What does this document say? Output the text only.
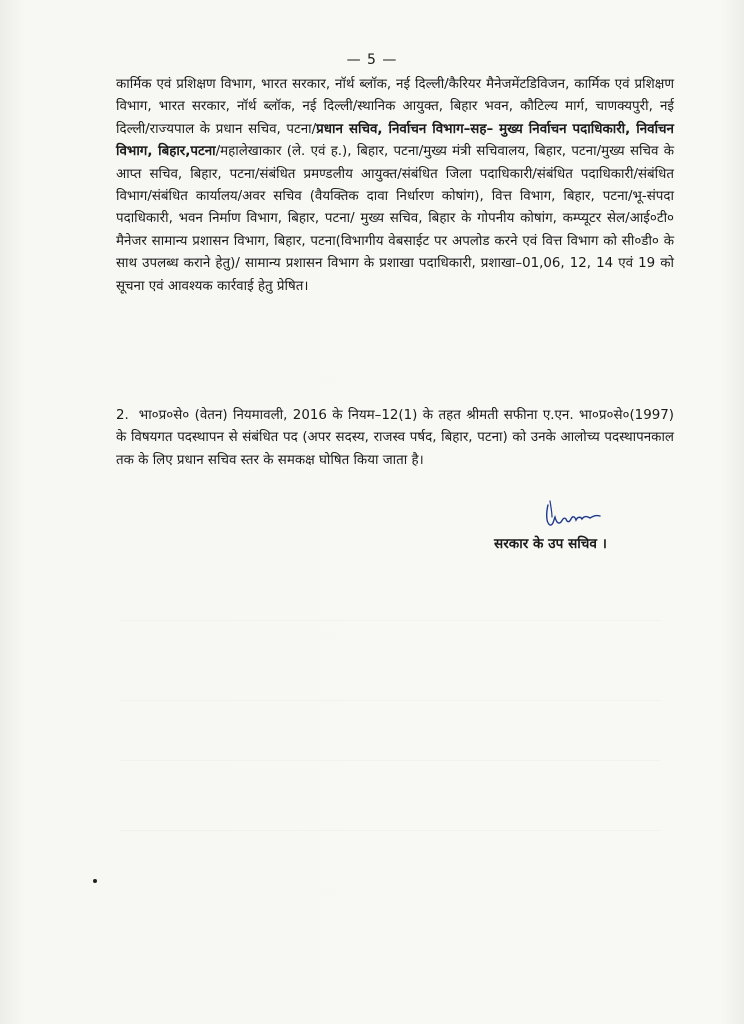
— 5 —
कार्मिक एवं प्रशिक्षण विभाग, भारत सरकार, नॉर्थ ब्लॉक, नई दिल्ली/कैरियर मैनेजमेंटडिविजन, कार्मिक एवं प्रशिक्षण विभाग, भारत सरकार, नॉर्थ ब्लॉक, नई दिल्ली/स्थानिक आयुक्त, बिहार भवन, कौटिल्य मार्ग, चाणक्यपुरी, नई दिल्ली/राज्यपाल के प्रधान सचिव, पटना/प्रधान सचिव, निर्वाचन विभाग–सह– मुख्य निर्वाचन पदाधिकारी, निर्वाचन विभाग, बिहार,पटना/महालेखाकार (ले. एवं ह.), बिहार, पटना/मुख्य मंत्री सचिवालय, बिहार, पटना/मुख्य सचिव के आप्त सचिव, बिहार, पटना/संबंधित प्रमण्डलीय आयुक्त/संबंधित जिला पदाधिकारी/संबंधित पदाधिकारी/संबंधित विभाग/संबंधित कार्यालय/अवर सचिव (वैयक्तिक दावा निर्धारण कोषांग), वित्त विभाग, बिहार, पटना/भू-संपदा पदाधिकारी, भवन निर्माण विभाग, बिहार, पटना/ मुख्य सचिव, बिहार के गोपनीय कोषांग, कम्प्यूटर सेल/आई०टी० मैनेजर सामान्य प्रशासन विभाग, बिहार, पटना(विभागीय वेबसाईट पर अपलोड करने एवं वित्त विभाग को सी०डी० के साथ उपलब्ध कराने हेतु)/ सामान्य प्रशासन विभाग के प्रशाखा पदाधिकारी, प्रशाखा–01,06, 12, 14 एवं 19 को सूचना एवं आवश्यक कार्रवाई हेतु प्रेषित।
2. भा०प्र०से० (वेतन) नियमावली, 2016 के नियम–12(1) के तहत श्रीमती सफीना ए.एन. भा०प्र०से०(1997) के विषयगत पदस्थापन से संबंधित पद (अपर सदस्य, राजस्व पर्षद, बिहार, पटना) को उनके आलोच्य पदस्थापनकाल तक के लिए प्रधान सचिव स्तर के समकक्ष घोषित किया जाता है।
सरकार के उप सचिव ।
